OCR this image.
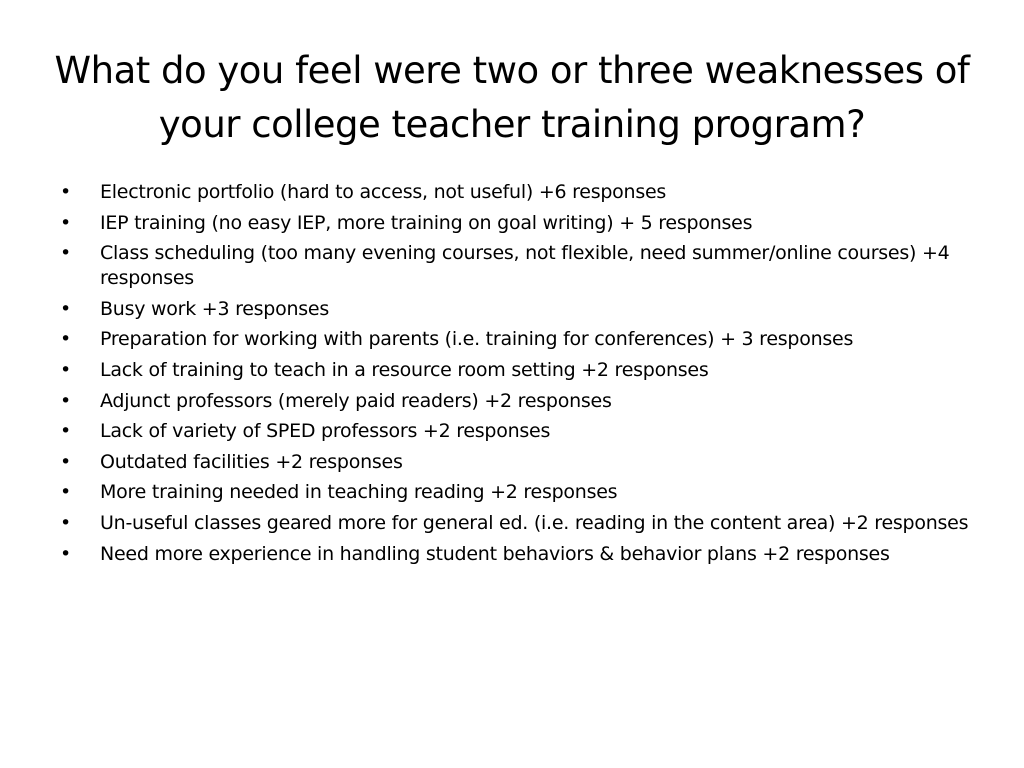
What do you feel were two or three weaknesses of your college teacher training program?
•	Electronic portfolio (hard to access, not useful) +6 responses
•	IEP training (no easy IEP, more training on goal writing) + 5 responses
•	Class scheduling (too many evening courses, not flexible, need summer/online courses) +4 responses
•	Busy work +3 responses
•	Preparation for working with parents (i.e. training for conferences) + 3 responses
•	Lack of training to teach in a resource room setting +2 responses
•	Adjunct professors (merely paid readers) +2 responses
•	Lack of variety of SPED professors +2 responses
•	Outdated facilities +2 responses
•	More training needed in teaching reading +2 responses
•	Un-useful classes geared more for general ed. (i.e. reading in the content area) +2 responses
•	Need more experience in handling student behaviors & behavior plans +2 responses
